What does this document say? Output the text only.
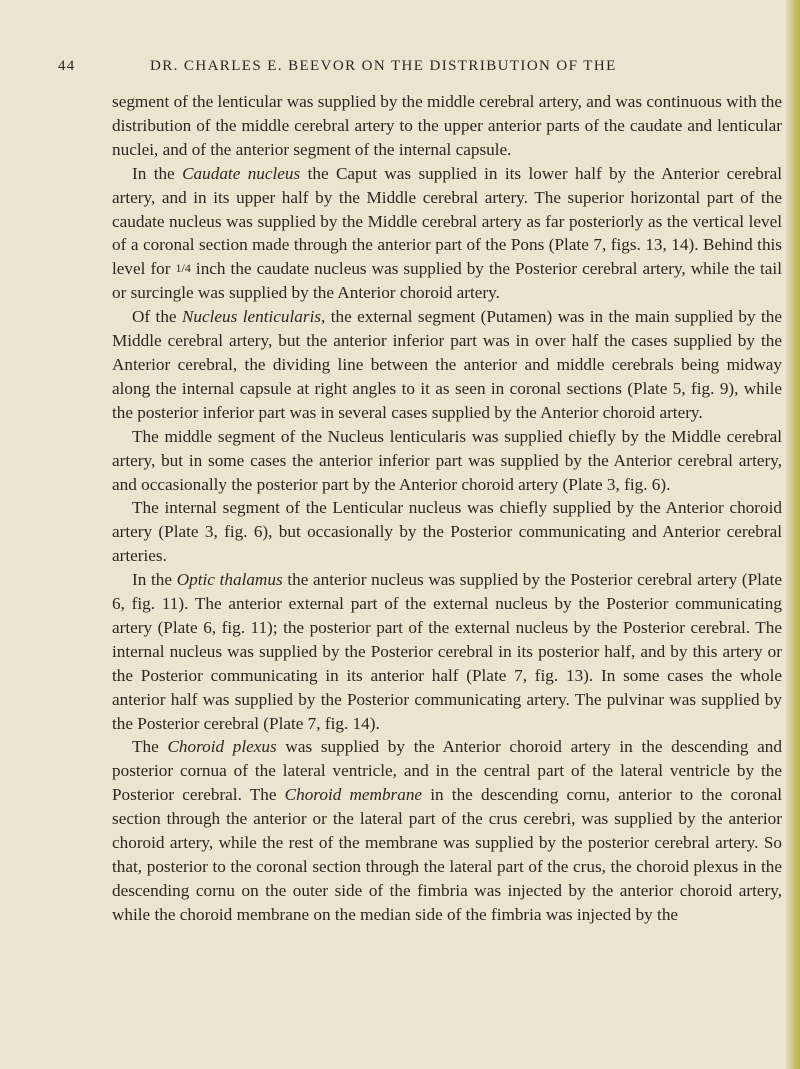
44	DR. CHARLES E. BEEVOR ON THE DISTRIBUTION OF THE

segment of the lenticular was supplied by the middle cerebral artery, and was continuous with the distribution of the middle cerebral artery to the upper anterior parts of the caudate and lenticular nuclei, and of the anterior segment of the internal capsule.

In the Caudate nucleus the Caput was supplied in its lower half by the Anterior cerebral artery, and in its upper half by the Middle cerebral artery. The superior horizontal part of the caudate nucleus was supplied by the Middle cerebral artery as far posteriorly as the vertical level of a coronal section made through the anterior part of the Pons (Plate 7, figs. 13, 14). Behind this level for 1/4 inch the caudate nucleus was supplied by the Posterior cerebral artery, while the tail or surcingle was supplied by the Anterior choroid artery.

Of the Nucleus lenticularis, the external segment (Putamen) was in the main supplied by the Middle cerebral artery, but the anterior inferior part was in over half the cases supplied by the Anterior cerebral, the dividing line between the anterior and middle cerebrals being midway along the internal capsule at right angles to it as seen in coronal sections (Plate 5, fig. 9), while the posterior inferior part was in several cases supplied by the Anterior choroid artery.

The middle segment of the Nucleus lenticularis was supplied chiefly by the Middle cerebral artery, but in some cases the anterior inferior part was supplied by the Anterior cerebral artery, and occasionally the posterior part by the Anterior choroid artery (Plate 3, fig. 6).

The internal segment of the Lenticular nucleus was chiefly supplied by the Anterior choroid artery (Plate 3, fig. 6), but occasionally by the Posterior communicating and Anterior cerebral arteries.

In the Optic thalamus the anterior nucleus was supplied by the Posterior cerebral artery (Plate 6, fig. 11). The anterior external part of the external nucleus by the Posterior communicating artery (Plate 6, fig. 11); the posterior part of the external nucleus by the Posterior cerebral. The internal nucleus was supplied by the Posterior cerebral in its posterior half, and by this artery or the Posterior communicating in its anterior half (Plate 7, fig. 13). In some cases the whole anterior half was supplied by the Posterior communicating artery. The pulvinar was supplied by the Posterior cerebral (Plate 7, fig. 14).

The Choroid plexus was supplied by the Anterior choroid artery in the descending and posterior cornua of the lateral ventricle, and in the central part of the lateral ventricle by the Posterior cerebral. The Choroid membrane in the descending cornu, anterior to the coronal section through the anterior or the lateral part of the crus cerebri, was supplied by the anterior choroid artery, while the rest of the membrane was supplied by the posterior cerebral artery. So that, posterior to the coronal section through the lateral part of the crus, the choroid plexus in the descending cornu on the outer side of the fimbria was injected by the anterior choroid artery, while the choroid membrane on the median side of the fimbria was injected by the
